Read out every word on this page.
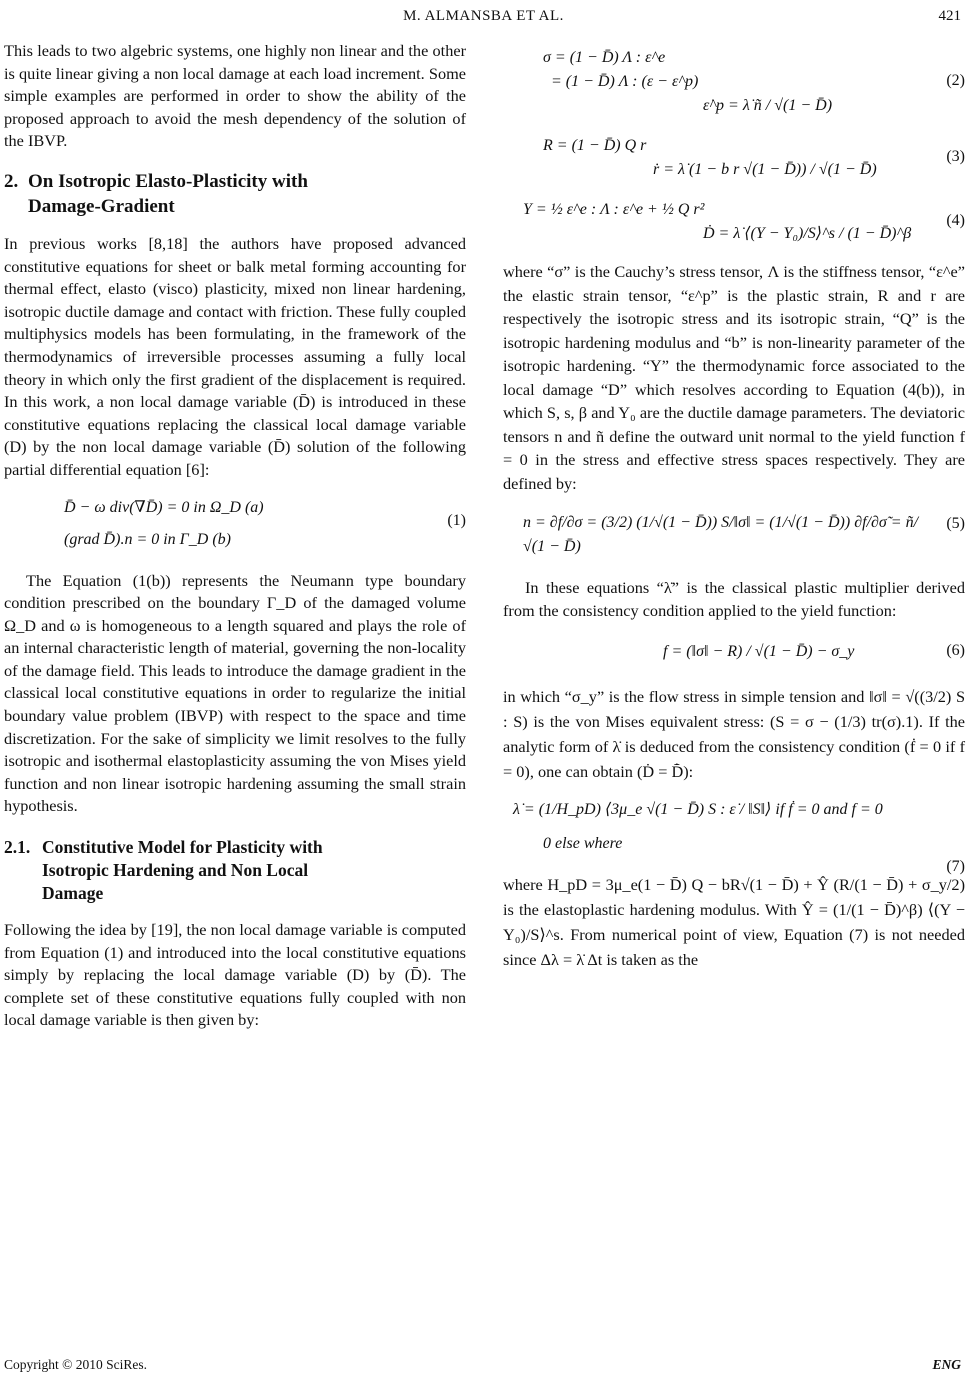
M. ALMANSBA ET AL.	421

This leads to two algebric systems, one highly non linear and the other is quite linear giving a non local damage at each load increment. Some simple examples are performed in order to show the ability of the proposed approach to avoid the mesh dependency of the solution of the IBVP.

2. On Isotropic Elasto-Plasticity with
Damage-Gradient

In previous works [8,18] the authors have proposed advanced constitutive equations for sheet or balk metal forming accounting for thermal effect, elasto (visco) plasticity, mixed non linear hardening, isotropic ductile damage and contact with friction. These fully coupled multiphysics models has been formulating, in the framework of the thermodynamics of irreversible processes assuming a fully local theory in which only the first gradient of the displacement is required. In this work, a non local damage variable (D̄) is introduced in these constitutive equations replacing the classical local damage variable (D) by the non local damage variable (D̄) solution of the following partial differential equation [6]:

(1)
D̄ − ω div(∇D̄) = 0 in Ω_D (a)
(grad D̄).n = 0 in Γ_D (b)

The Equation (1(b)) represents the Neumann type boundary condition prescribed on the boundary Γ_D of the damaged volume Ω_D and ω is homogeneous to a length squared and plays the role of an internal characteristic length of material, governing the non-locality of the damage field. This leads to introduce the damage gradient in the classical local constitutive equations in order to regularize the initial boundary value problem (IBVP) with respect to the space and time discretization. For the sake of simplicity we limit resolves to the fully isotropic and isothermal elastoplasticity assuming the von Mises yield function and non linear isotropic hardening assuming the small strain hypothesis.

2.1. Constitutive Model for Plasticity with
Isotropic Hardening and Non Local
Damage

Following the idea by [19], the non local damage variable is computed from Equation (1) and introduced into the local constitutive equations simply by replacing the local damage variable (D) by (D̄). The complete set of these constitutive equations fully coupled with non local damage variable is then given by:

(2)
σ = (1 − D̄) Λ : ε^e
= (1 − D̄) Λ : (ε − ε^p)
ε̇^p = λ̇ ñ / √(1 − D̄)
(3)
R = (1 − D̄) Q r
ṙ = λ̇ (1 − b r √(1 − D̄)) / √(1 − D̄)
(4)
Y = ½ ε^e : Λ : ε^e + ½ Q r²
Ḋ = λ̇ ⟨(Y − Y₀)/S⟩^s / (1 − D̄)^β

where “σ” is the Cauchy’s stress tensor, Λ is the stiffness tensor, “ε^e” the elastic strain tensor, “ε^p” is the plastic strain, R and r are respectively the isotropic stress and its isotropic strain, “Q” is the isotropic hardening modulus and “b” is non-linearity parameter of the isotropic hardening. “Y” the thermodynamic force associated to the local damage “D” which resolves according to Equation (4(b)), in which S, s, β and Y₀ are the ductile damage parameters. The deviatoric tensors n and ñ define the outward unit normal to the yield function f = 0 in the stress and effective stress spaces respectively. They are defined by:

(5)
n = ∂f/∂σ = (3/2) (1/√(1 − D̄)) S/‖σ‖ = (1/√(1 − D̄)) ∂f/∂σ̃ = ñ/√(1 − D̄)

In these equations “λ̇” is the classical plastic multiplier derived from the consistency condition applied to the yield function:

(6)
f = (‖σ‖ − R) / √(1 − D̄) − σ_y

in which “σ_y” is the flow stress in simple tension and ‖σ‖ = √((3/2) S : S) is the von Mises equivalent stress: (S = σ − (1/3) tr(σ).1). If the analytic form of λ̇ is deduced from the consistency condition (ḟ = 0 if f = 0), one can obtain (Ḋ = D̄̇):

(7)
λ̇ = (1/H_pD) ⟨3μ_e √(1 − D̄) S : ε̇ / ‖S‖⟩ if ḟ = 0 and f = 0
0 else where

where H_pD = 3μ_e(1 − D̄) Q − bR√(1 − D̄) + Ŷ (R/(1 − D̄) + σ_y/2) is the elastoplastic hardening modulus. With Ŷ = (1/(1 − D̄)^β) ⟨(Y − Y₀)/S⟩^s. From numerical point of view, Equation (7) is not needed since Δλ = λ̇ Δt is taken as the

Copyright © 2010 SciRes.	ENG
